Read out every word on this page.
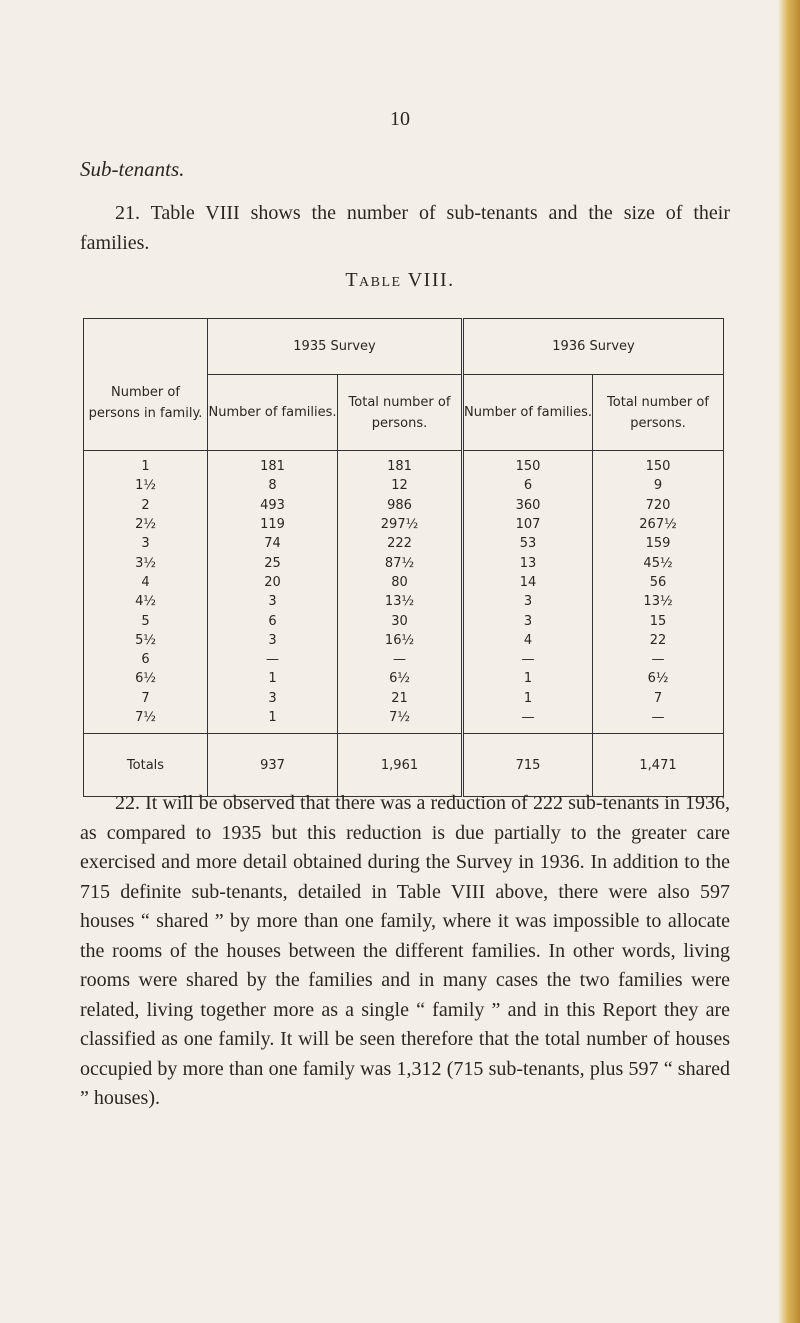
10
Sub-tenants.

21. Table VIII shows the number of sub-tenants and the size of their families.

Table VIII.
Number of persons in family.	1935 Survey		1936 Survey	
	Number of families.	Total number of persons.	Number of families.	Total number of persons.
1	181	181	150	150
1½	8	12	6	9
2	493	986	360	720
2½	119	297½	107	267½
3	74	222	53	159
3½	25	87½	13	45½
4	20	80	14	56
4½	3	13½	3	13½
5	6	30	3	15
5½	3	16½	4	22
6	—	—	—	—
6½	1	6½	1	6½
7	3	21	1	7
7½	1	7½	—	—
Totals	937	1,961	715	1,471

22. It will be observed that there was a reduction of 222 sub-tenants in 1936, as compared to 1935 but this reduction is due partially to the greater care exercised and more detail obtained during the Survey in 1936. In addition to the 715 definite sub-tenants, detailed in Table VIII above, there were also 597 houses “ shared ” by more than one family, where it was impossible to allocate the rooms of the houses between the different families. In other words, living rooms were shared by the families and in many cases the two families were related, living together more as a single “ family ” and in this Report they are classified as one family. It will be seen therefore that the total number of houses occupied by more than one family was 1,312 (715 sub-tenants, plus 597 “ shared ” houses).
